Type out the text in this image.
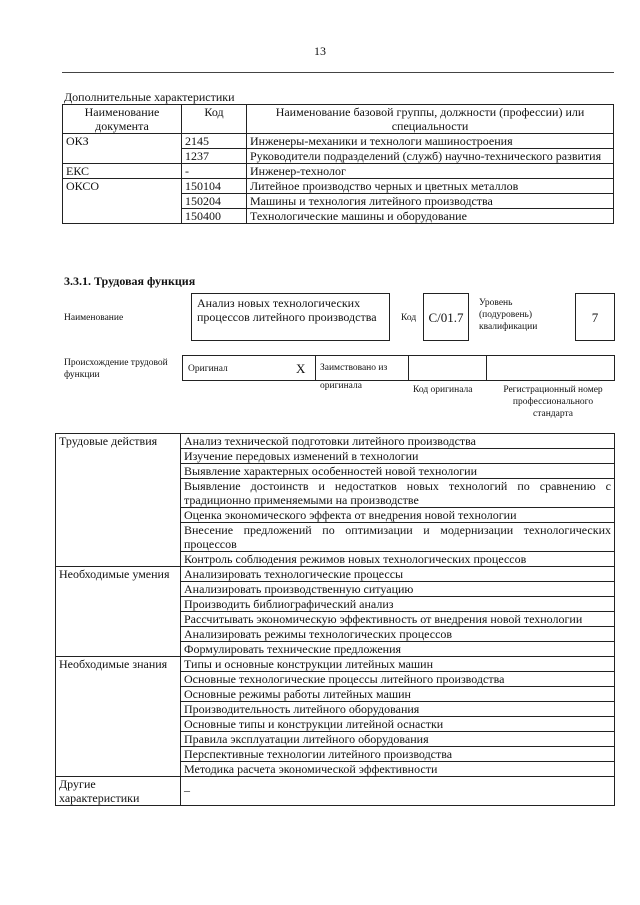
13
Дополнительные характеристики
Наименование документа	Код	Наименование базовой группы, должности (профессии) или специальности
ОКЗ	2145	Инженеры-механики и технологи машиностроения
	1237	Руководители подразделений (служб) научно-технического развития
ЕКС	-	Инженер-технолог
ОКСО	150104	Литейное производство черных и цветных металлов
	150204	Машины и технология литейного производства
	150400	Технологические машины и оборудование
3.3.1. Трудовая функция
Наименование
Анализ новых технологических процессов литейного производства	Код C/01.7
Уровень (подуровень) квалификации
7
Происхождение трудовой функции
Оригинал	X	Заимствовано из оригинала	Код оригинала	Регистрационный номер профессионального стандарта
Трудовые действия	Анализ технической подготовки литейного производства
	Изучение передовых изменений в технологии
	Выявление характерных особенностей новой технологии
	Выявление достоинств и недостатков новых технологий по сравнению с традиционно применяемыми на производстве
	Оценка экономического эффекта от внедрения новой технологии
	Внесение предложений по оптимизации и модернизации технологических процессов
	Контроль соблюдения режимов новых технологических процессов
Необходимые умения	Анализировать технологические процессы
	Анализировать производственную ситуацию
	Производить библиографический анализ
	Рассчитывать экономическую эффективность от внедрения новой технологии
	Анализировать режимы технологических процессов
	Формулировать технические предложения
Необходимые знания	Типы и основные конструкции литейных машин
	Основные технологические процессы литейного производства
	Основные режимы работы литейных машин
	Производительность литейного оборудования
	Основные типы и конструкции литейной оснастки
	Правила эксплуатации литейного оборудования
	Перспективные технологии литейного производства
	Методика расчета экономической эффективности
Другие характеристики	–
